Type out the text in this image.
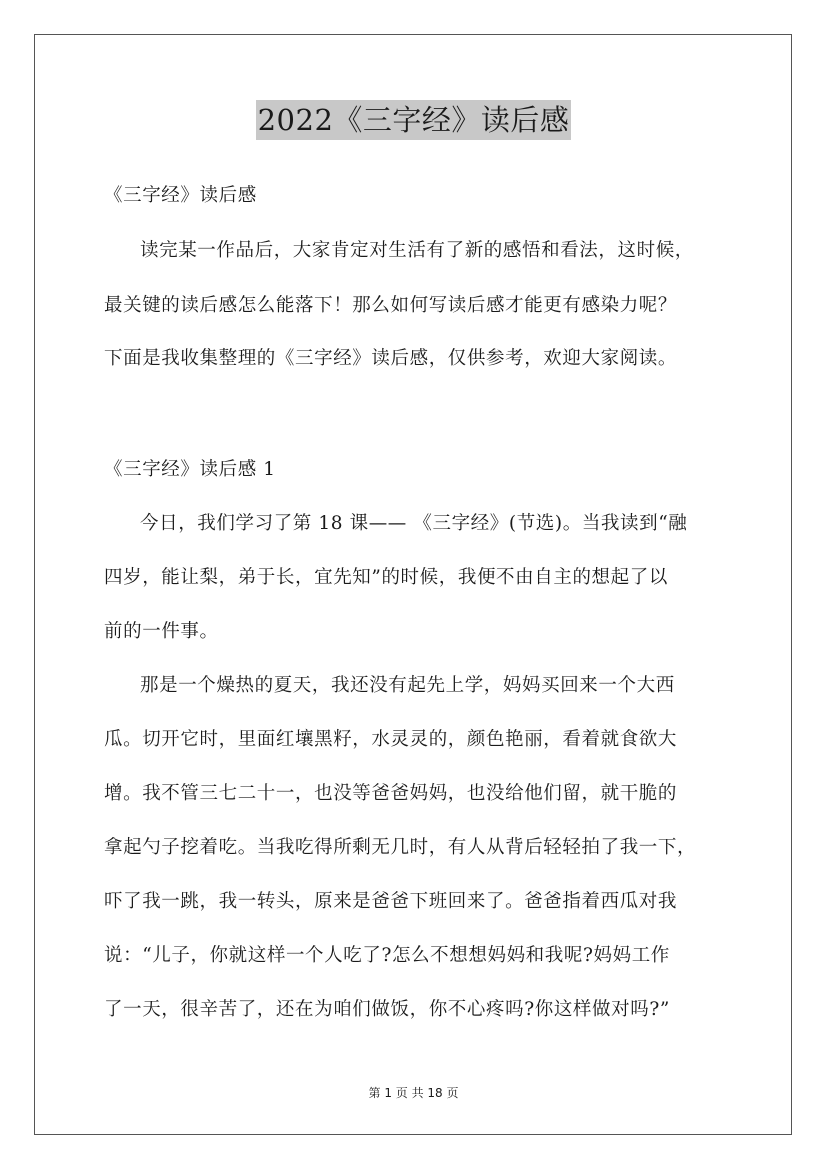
2022《三字经》读后感
《三字经》读后感
读完某一作品后，大家肯定对生活有了新的感悟和看法，这时候，
最关键的读后感怎么能落下！那么如何写读后感才能更有感染力呢？
下面是我收集整理的《三字经》读后感，仅供参考，欢迎大家阅读。
《三字经》读后感 1
今日，我们学习了第 18 课—— 《三字经》(节选)。当我读到“融
四岁，能让梨，弟于长，宜先知”的时候，我便不由自主的想起了以
前的一件事。
那是一个燥热的夏天，我还没有起先上学，妈妈买回来一个大西
瓜。切开它时，里面红壤黑籽，水灵灵的，颜色艳丽，看着就食欲大
增。我不管三七二十一，也没等爸爸妈妈，也没给他们留，就干脆的
拿起勺子挖着吃。当我吃得所剩无几时，有人从背后轻轻拍了我一下，
吓了我一跳，我一转头，原来是爸爸下班回来了。爸爸指着西瓜对我
说：“儿子，你就这样一个人吃了?怎么不想想妈妈和我呢?妈妈工作
了一天，很辛苦了，还在为咱们做饭，你不心疼吗?你这样做对吗?”
第 1 页 共 18 页
